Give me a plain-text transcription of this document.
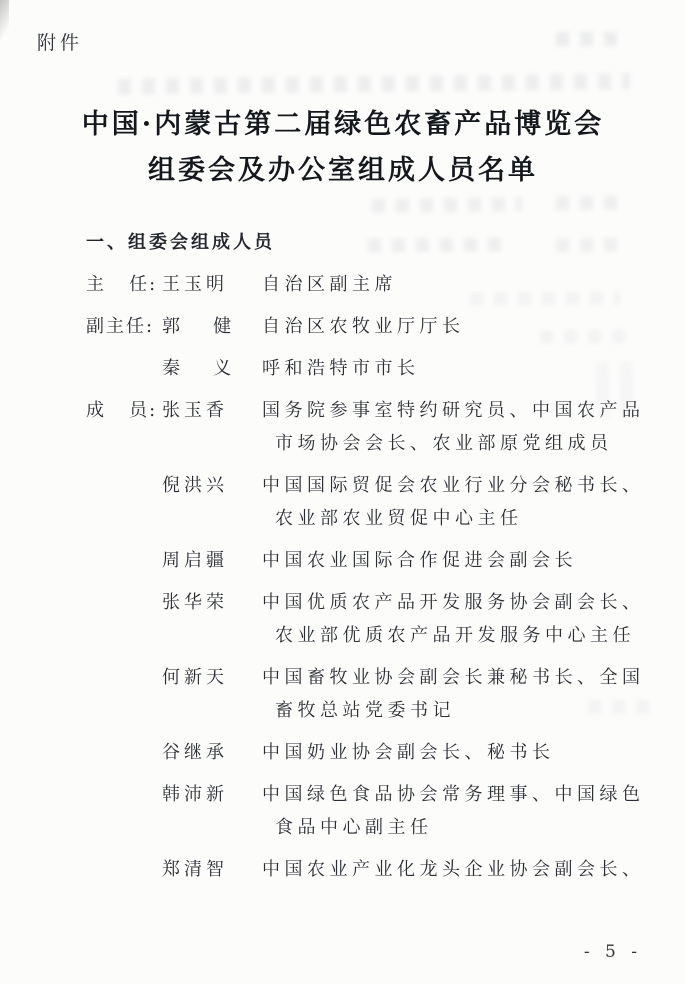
附件
中国·内蒙古第二届绿色农畜产品博览会
组委会及办公室组成人员名单
一、组委会组成人员
主   任: 王玉明	自治区副主席
副主任: 郭   健	自治区农牧业厅厅长
秦   义	呼和浩特市市长
成   员: 张玉香	国务院参事室特约研究员、中国农产品
市场协会会长、农业部原党组成员
倪洪兴	中国国际贸促会农业行业分会秘书长、
农业部农业贸促中心主任
周启疆	中国农业国际合作促进会副会长
张华荣	中国优质农产品开发服务协会副会长、
农业部优质农产品开发服务中心主任
何新天	中国畜牧业协会副会长兼秘书长、全国
畜牧总站党委书记
谷继承	中国奶业协会副会长、秘书长
韩沛新	中国绿色食品协会常务理事、中国绿色
食品中心副主任
郑清智	中国农业产业化龙头企业协会副会长、
- 5 -
